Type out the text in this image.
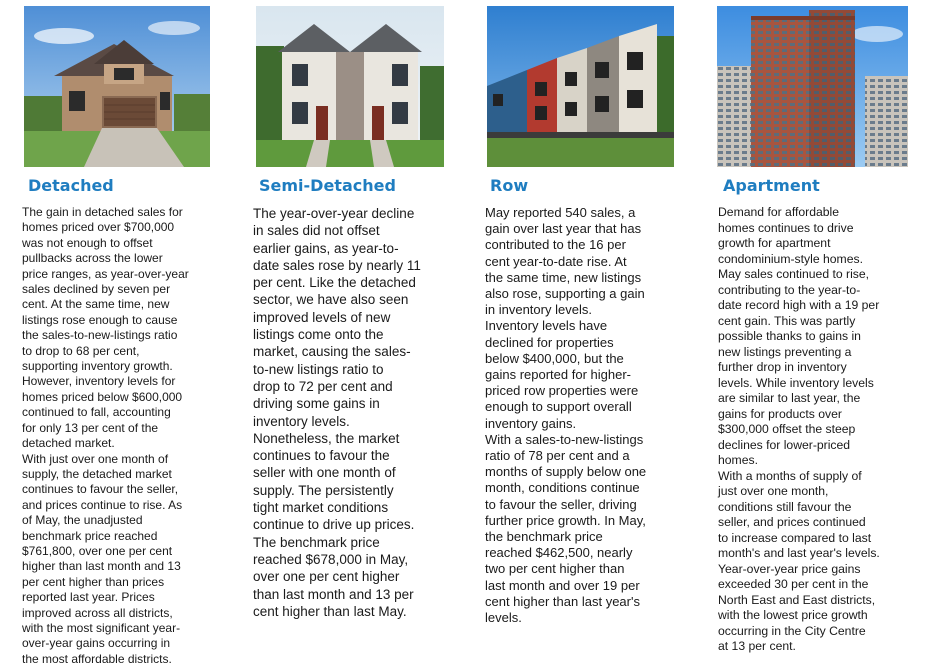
Detached

The gain in detached sales for
homes priced over $700,000
was not enough to offset
pullbacks across the lower
price ranges, as year-over-year
sales declined by seven per
cent. At the same time, new
listings rose enough to cause
the sales-to-new-listings ratio
to drop to 68 per cent,
supporting inventory growth.
However, inventory levels for
homes priced below $600,000
continued to fall, accounting
for only 13 per cent of the
detached market.
With just over one month of
supply, the detached market
continues to favour the seller,
and prices continue to rise. As
of May, the unadjusted
benchmark price reached
$761,800, over one per cent
higher than last month and 13
per cent higher than prices
reported last year. Prices
improved across all districts,
with the most significant year-
over-year gains occurring in
the most affordable districts.

Semi-Detached

The year-over-year decline
in sales did not offset
earlier gains, as year-to-
date sales rose by nearly 11
per cent. Like the detached
sector, we have also seen
improved levels of new
listings come onto the
market, causing the sales-
to-new listings ratio to
drop to 72 per cent and
driving some gains in
inventory levels.
Nonetheless, the market
continues to favour the
seller with one month of
supply. The persistently
tight market conditions
continue to drive up prices.
The benchmark price
reached $678,000 in May,
over one per cent higher
than last month and 13 per
cent higher than last May.

Row

May reported 540 sales, a
gain over last year that has
contributed to the 16 per
cent year-to-date rise. At
the same time, new listings
also rose, supporting a gain
in inventory levels.
Inventory levels have
declined for properties
below $400,000, but the
gains reported for higher-
priced row properties were
enough to support overall
inventory gains.
With a sales-to-new-listings
ratio of 78 per cent and a
months of supply below one
month, conditions continue
to favour the seller, driving
further price growth. In May,
the benchmark price
reached $462,500, nearly
two per cent higher than
last month and over 19 per
cent higher than last year's
levels.

Apartment

Demand for affordable
homes continues to drive
growth for apartment
condominium-style homes.
May sales continued to rise,
contributing to the year-to-
date record high with a 19 per
cent gain. This was partly
possible thanks to gains in
new listings preventing a
further drop in inventory
levels. While inventory levels
are similar to last year, the
gains for products over
$300,000 offset the steep
declines for lower-priced
homes.
With a months of supply of
just over one month,
conditions still favour the
seller, and prices continued
to increase compared to last
month's and last year's levels.
Year-over-year price gains
exceeded 30 per cent in the
North East and East districts,
with the lowest price growth
occurring in the City Centre
at 13 per cent.
